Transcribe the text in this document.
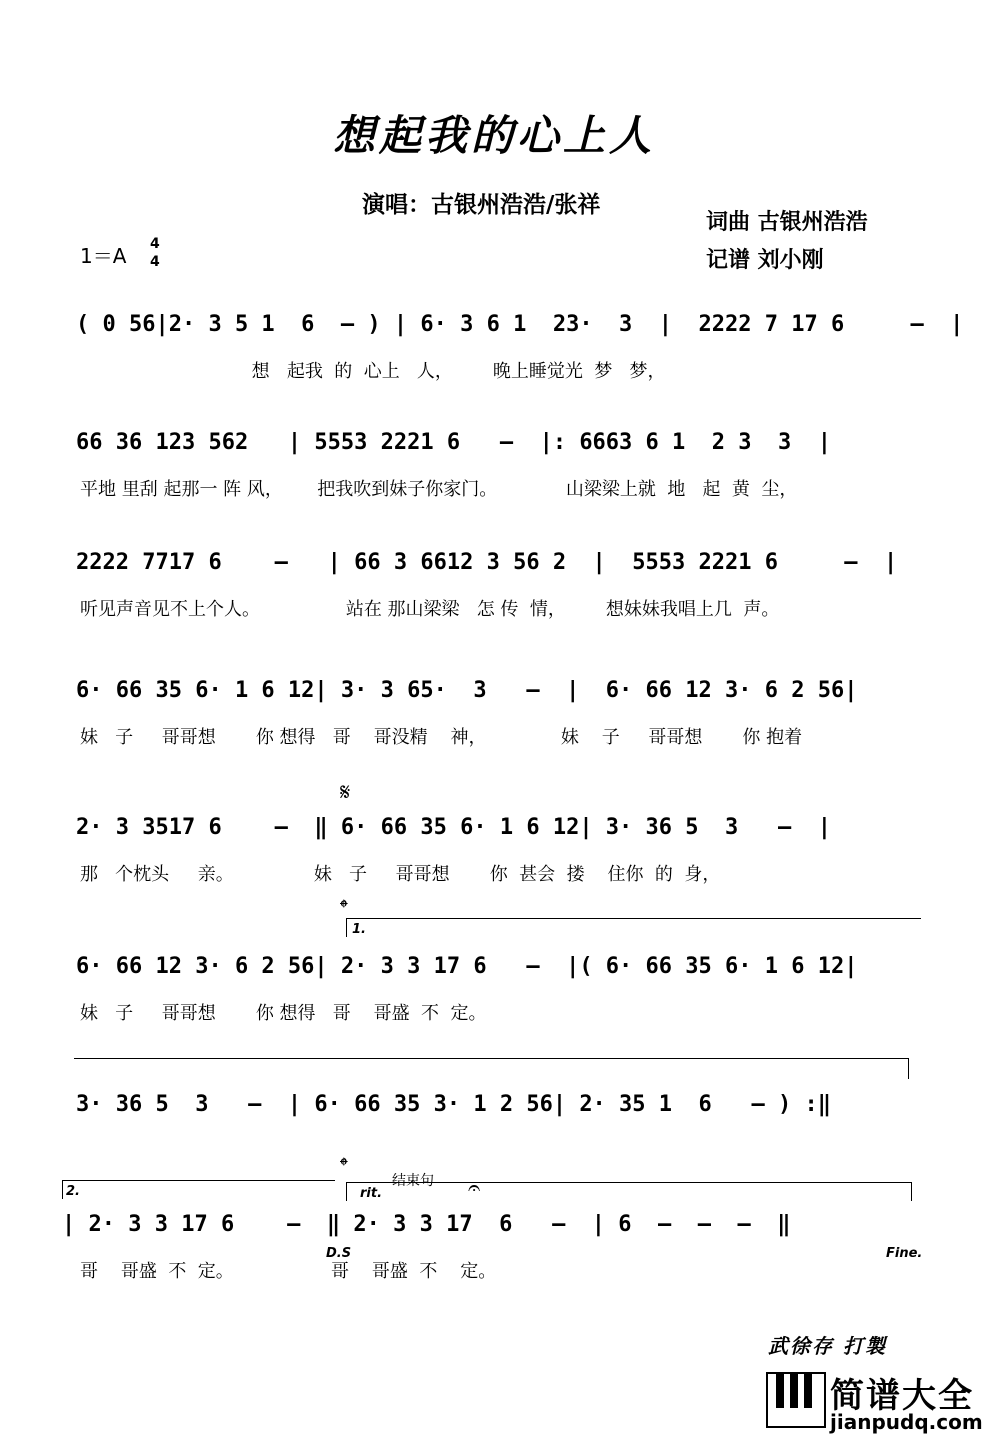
想起我的心上人
演唱：古银州浩浩/张祥
词曲 古银州浩浩
记谱 刘小刚
1＝A 4
4
( 0 56|2· 3 5 1  6  – ) | 6· 3 6 1  23·  3  |  2222 7 17 6     –  |
想   起我  的  心上   人，       晚上睡觉光  梦   梦，
66 36 123 562   | 5553 2221 6   –  |: 6663 6 1  2 3  3  |
平地 里刮 起那一 阵 风，      把我吹到妹子你家门。            山梁梁上就  地   起  黄  尘，
2222 7717 6    –   | 66 3 6612 3 56 2  |  5553 2221 6     –  |
听见声音见不上个人。               站在 那山梁梁   怎 传  情，       想妹妹我唱上几  声。
6· 66 35 6· 1 6 12| 3· 3 65·  3   –  |  6· 66 12 3· 6 2 56|
妹   子     哥哥想       你 想得   哥    哥没精    神，             妹    子     哥哥想       你 抱着
2· 3 3517 6    –  ‖ 6· 66 35 6· 1 6 12| 3· 36 5  3   –  |
那   个枕头     亲。              妹   子     哥哥想       你  甚会  搂    住你  的  身，
6· 66 12 3· 6 2 56| 2· 3 3 17 6   –  |( 6· 66 35 6· 1 6 12|
妹   子     哥哥想       你 想得   哥    哥盛  不  定。
3· 36 5  3   –  | 6· 66 35 3· 1 2 56| 2· 35 1  6   – ) :‖
| 2· 3 3 17 6    –  ‖ 2· 3 3 17  6   –  | 6  –  –  –  ‖
哥    哥盛  不  定。                 哥    哥盛  不    定。
𝄋
𝄌
1.
2.
𝄌
rit.
结束句 𝄐
D.S	Fine.
武徐存 打製
简谱大全
jianpudq.com
